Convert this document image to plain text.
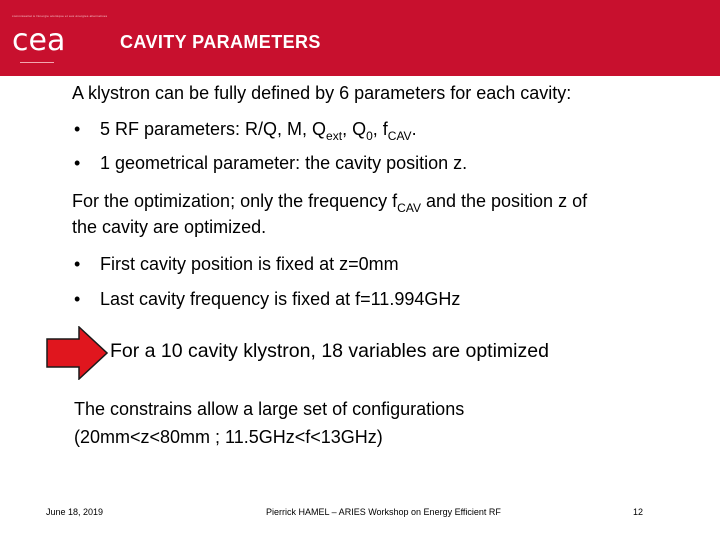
commissariat à l'énergie atomique et aux énergies alternatives
cea	CAVITY PARAMETERS
A klystron can be fully defined by 6 parameters for each cavity:
• 5 RF parameters: R/Q, M, $Q_{ext}$, $Q_0$, $f_{CAV}$.
• 1 geometrical parameter: the cavity position z.
For the optimization; only the frequency $f_{CAV}$ and the position z of
the cavity are optimized.
• First cavity position is fixed at z=0mm
• Last cavity frequency is fixed at f=11.994GHz
For a 10 cavity klystron, 18 variables are optimized
The constrains allow a large set of configurations
(20mm<z<80mm ; 11.5GHz<f<13GHz)
June 18, 2019	Pierrick HAMEL – ARIES Workshop on Energy Efficient RF	12
